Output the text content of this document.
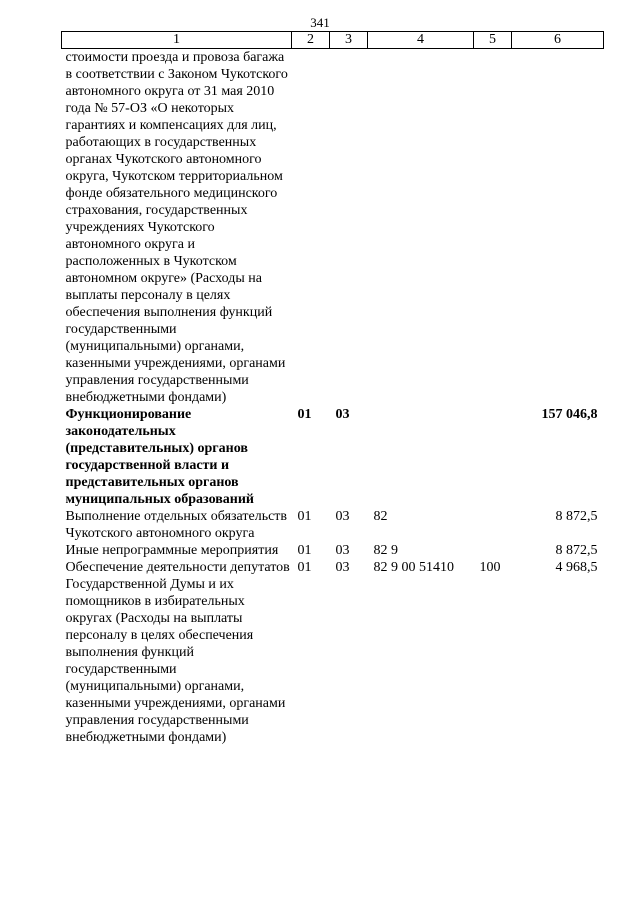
341
1	2	3	4	5	6
стоимости проезда и провоза багажа в соответствии с Законом Чукотского автономного округа от 31 мая 2010 года № 57-ОЗ «О некоторых гарантиях и компенсациях для лиц, работающих в государственных органах Чукотского автономного округа, Чукотском территориальном фонде обязательного медицинского страхования, государственных учреждениях Чукотского автономного округа и расположенных в Чукотском автономном округе» (Расходы на выплаты персоналу в целях обеспечения выполнения функций государственными (муниципальными) органами, казенными учреждениями, органами управления государственными внебюджетными фондами)					
Функционирование законодательных (представительных) органов государственной власти и представительных органов муниципальных образований	01	03			157 046,8
Выполнение отдельных обязательств Чукотского автономного округа	01	03	82		8 872,5
Иные непрограммные мероприятия	01	03	82 9		8 872,5
Обеспечение деятельности депутатов Государственной Думы и их помощников в избирательных округах (Расходы на выплаты персоналу в целях обеспечения выполнения функций государственными (муниципальными) органами, казенными учреждениями, органами управления государственными внебюджетными фондами)	01	03	82 9 00 51410	100	4 968,5
